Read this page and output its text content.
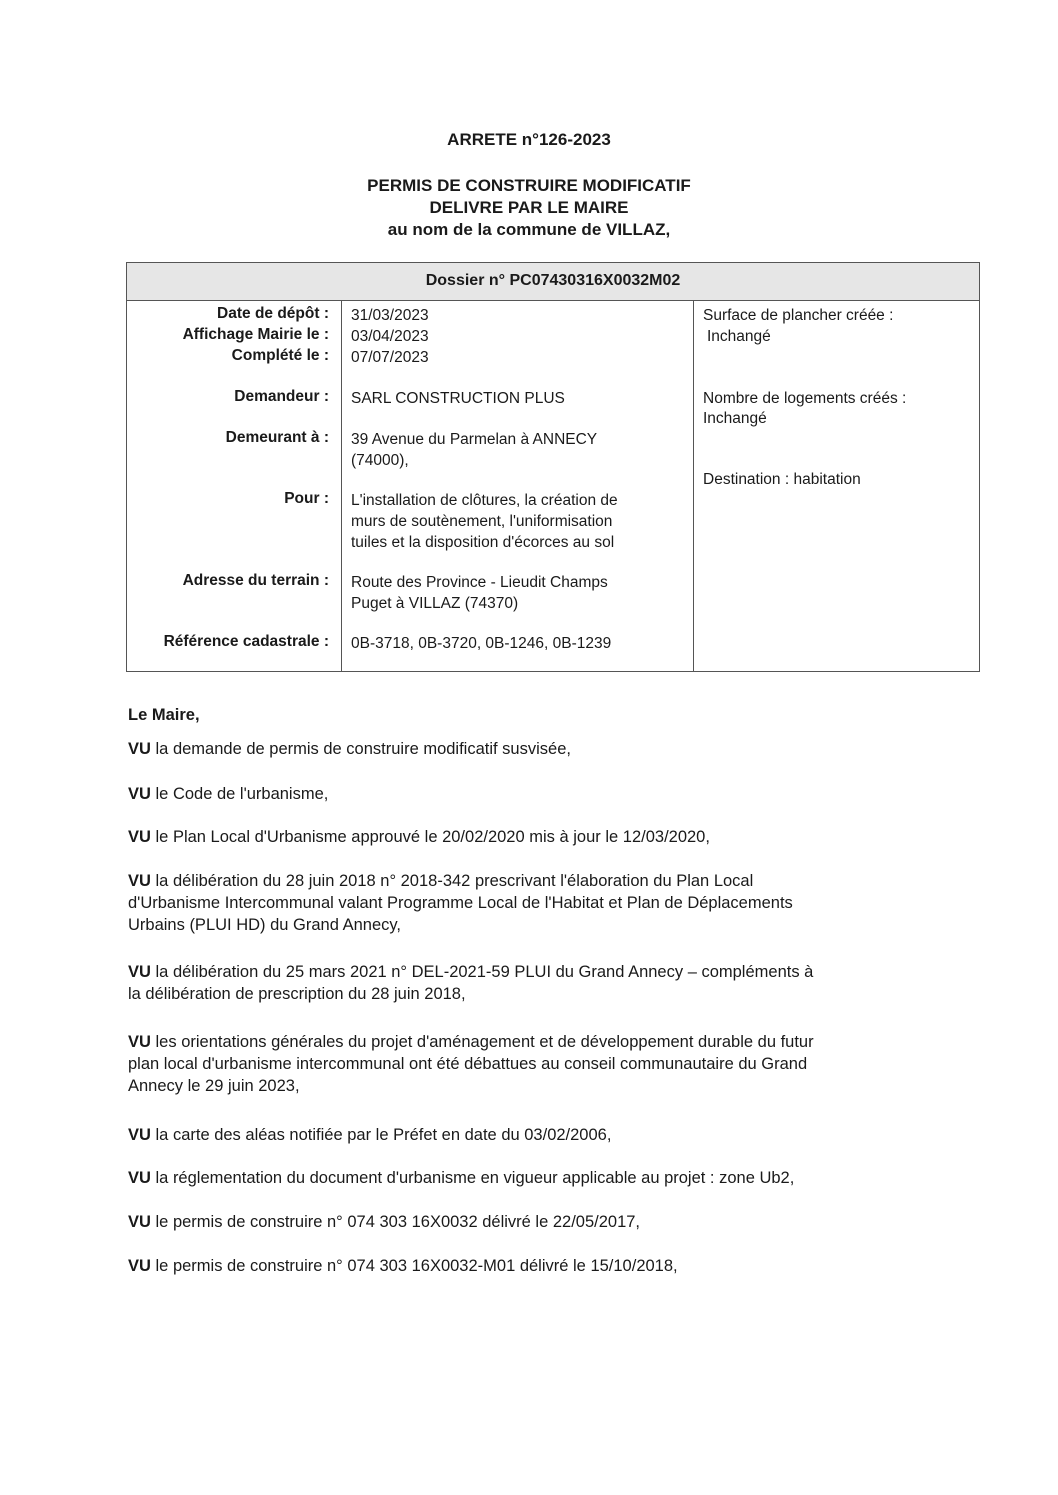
ARRETE n°126-2023
PERMIS DE CONSTRUIRE MODIFICATIF
DELIVRE PAR LE MAIRE
au nom de la commune de VILLAZ,
Dossier n° PC07430316X0032M02
Date de dépôt :
Affichage Mairie le :
Complété le :
Demandeur :
Demeurant à :
Pour :
Adresse du terrain :
Référence cadastrale :
31/03/2023
03/04/2023
07/07/2023
SARL CONSTRUCTION PLUS
39 Avenue du Parmelan à ANNECY
(74000),
L'installation de clôtures, la création de
murs de soutènement, l'uniformisation
tuiles et la disposition d'écorces au sol
Route des Province - Lieudit Champs
Puget à VILLAZ (74370)
0B-3718, 0B-3720, 0B-1246, 0B-1239
Surface de plancher créée :
Inchangé
Nombre de logements créés :
Inchangé
Destination : habitation
Le Maire,
VU la demande de permis de construire modificatif susvisée,
VU le Code de l'urbanisme,
VU le Plan Local d'Urbanisme approuvé le 20/02/2020 mis à jour le 12/03/2020,
VU la délibération du 28 juin 2018 n° 2018-342 prescrivant l'élaboration du Plan Local
d'Urbanisme Intercommunal valant Programme Local de l'Habitat et Plan de Déplacements
Urbains (PLUI HD) du Grand Annecy,
VU la délibération du 25 mars 2021 n° DEL-2021-59 PLUI du Grand Annecy – compléments à
la délibération de prescription du 28 juin 2018,
VU les orientations générales du projet d'aménagement et de développement durable du futur
plan local d'urbanisme intercommunal ont été débattues au conseil communautaire du Grand
Annecy le 29 juin 2023,
VU la carte des aléas notifiée par le Préfet en date du 03/02/2006,
VU la réglementation du document d'urbanisme en vigueur applicable au projet : zone Ub2,
VU le permis de construire n° 074 303 16X0032 délivré le 22/05/2017,
VU le permis de construire n° 074 303 16X0032-M01 délivré le 15/10/2018,
